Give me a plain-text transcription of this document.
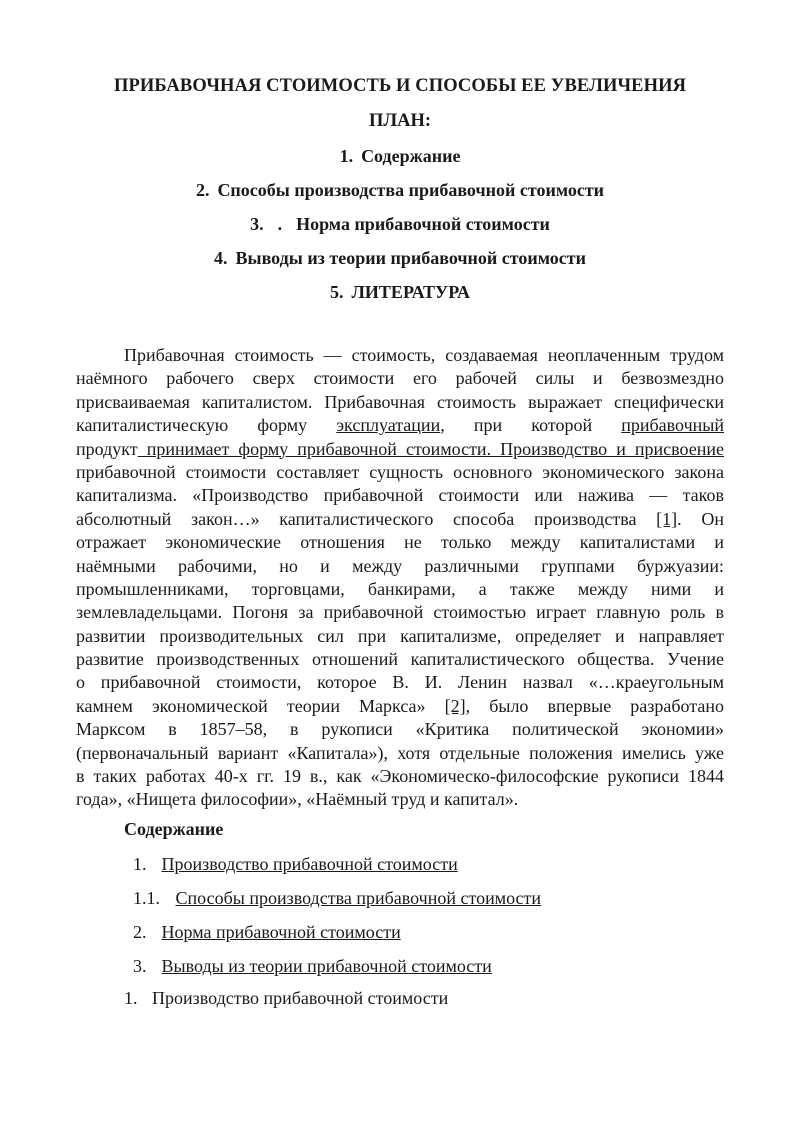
ПРИБАВОЧНАЯ СТОИМОСТЬ И СПОСОБЫ ЕЕ УВЕЛИЧЕНИЯ
ПЛАН:
1. Содержание
2. Способы производства прибавочной стоимости
3. . Норма прибавочной стоимости
4. Выводы из теории прибавочной стоимости
5. ЛИТЕРАТУРА
Прибавочная стоимость — стоимость, создаваемая неоплаченным трудом
наёмного рабочего сверх стоимости его рабочей силы и безвозмездно
присваиваемая капиталистом. Прибавочная стоимость выражает специфически
капиталистическую форму эксплуатации, при которой прибавочный
продукт принимает форму прибавочной стоимости. Производство и присвоение
прибавочной стоимости составляет сущность основного экономического закона
капитализма. «Производство прибавочной стоимости или нажива — таков
абсолютный закон…» капиталистического способа производства [1]. Он
отражает экономические отношения не только между капиталистами и
наёмными рабочими, но и между различными группами буржуазии:
промышленниками, торговцами, банкирами, а также между ними и
землевладельцами. Погоня за прибавочной стоимостью играет главную роль в
развитии производительных сил при капитализме, определяет и направляет
развитие производственных отношений капиталистического общества. Учение
о прибавочной стоимости, которое В. И. Ленин назвал «…краеугольным
камнем экономической теории Маркса» [2], было впервые разработано
Марксом в 1857–58, в рукописи «Критика политической экономии»
(первоначальный вариант «Капитала»), хотя отдельные положения имелись уже
в таких работах 40-х гг. 19 в., как «Экономическо-философские рукописи 1844
года», «Нищета философии», «Наёмный труд и капитал».
Содержание
1. Производство прибавочной стоимости
1.1. Способы производства прибавочной стоимости
2. Норма прибавочной стоимости
3. Выводы из теории прибавочной стоимости
1. Производство прибавочной стоимости
